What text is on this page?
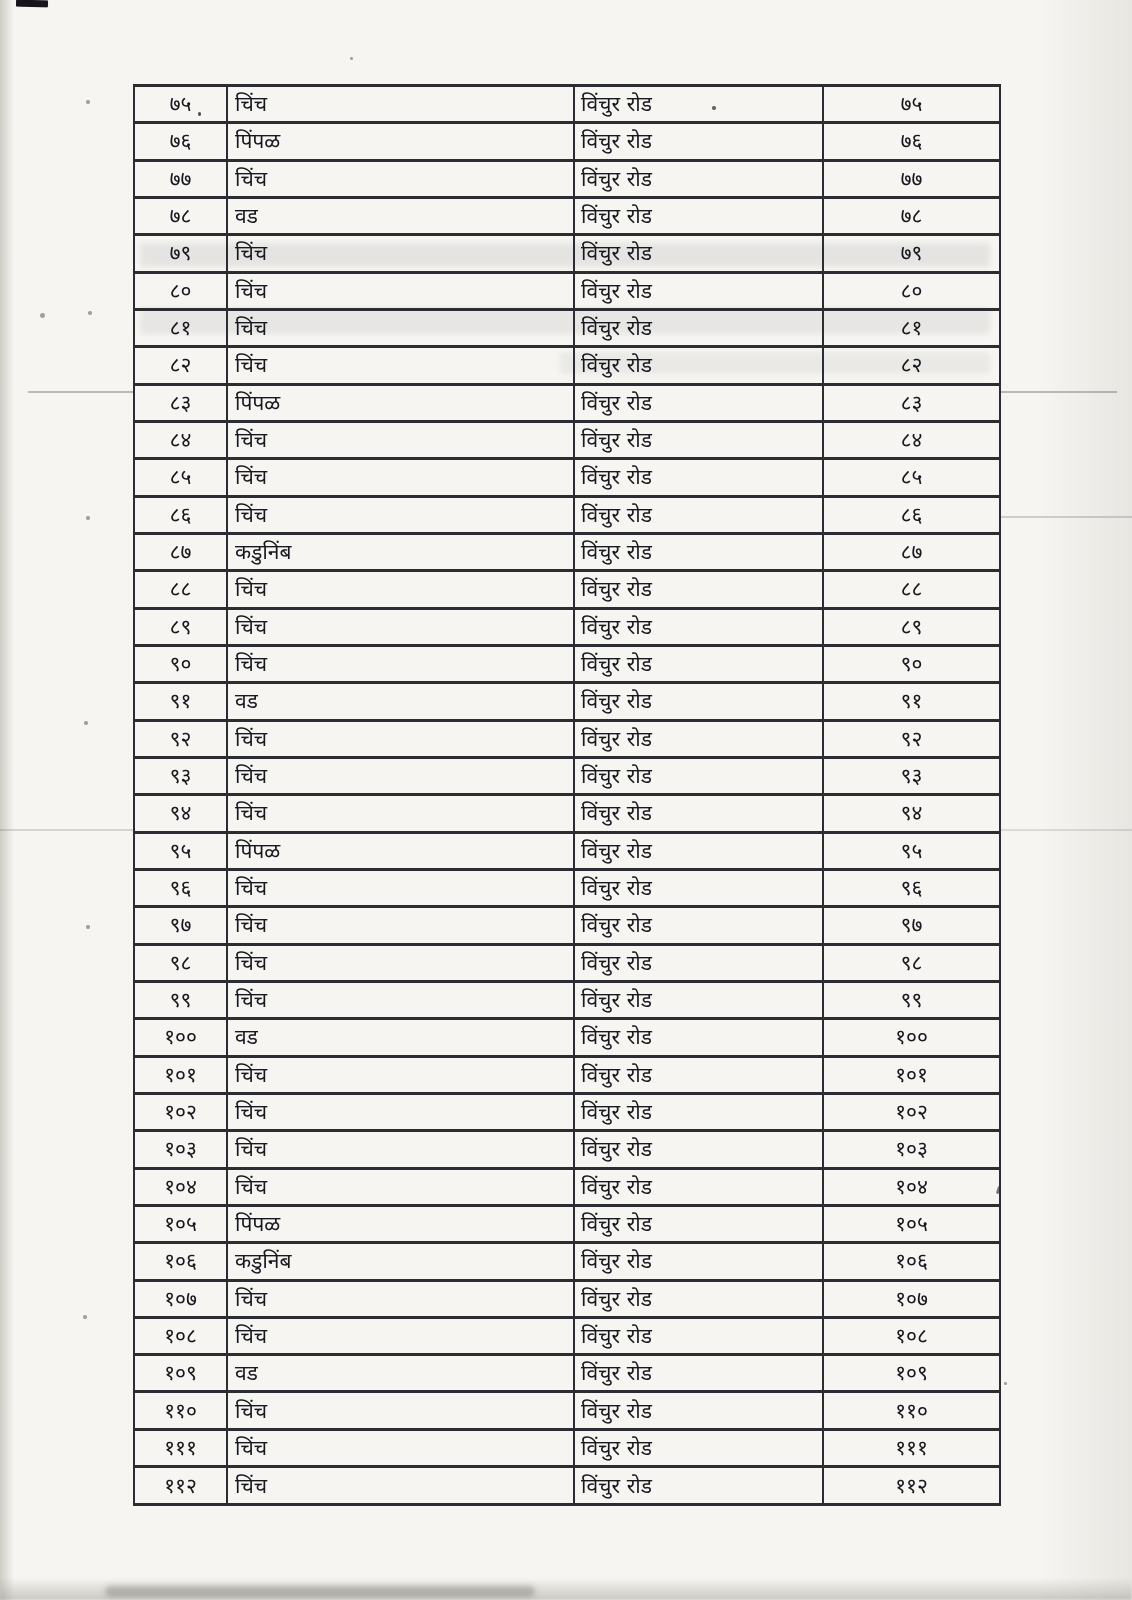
७५	चिंच	विंचुर रोड	७५
७६	पिंपळ	विंचुर रोड	७६
७७	चिंच	विंचुर रोड	७७
७८	वड	विंचुर रोड	७८
७९	चिंच	विंचुर रोड	७९
८०	चिंच	विंचुर रोड	८०
८१	चिंच	विंचुर रोड	८१
८२	चिंच	विंचुर रोड	८२
८३	पिंपळ	विंचुर रोड	८३
८४	चिंच	विंचुर रोड	८४
८५	चिंच	विंचुर रोड	८५
८६	चिंच	विंचुर रोड	८६
८७	कडुनिंब	विंचुर रोड	८७
८८	चिंच	विंचुर रोड	८८
८९	चिंच	विंचुर रोड	८९
९०	चिंच	विंचुर रोड	९०
९१	वड	विंचुर रोड	९१
९२	चिंच	विंचुर रोड	९२
९३	चिंच	विंचुर रोड	९३
९४	चिंच	विंचुर रोड	९४
९५	पिंपळ	विंचुर रोड	९५
९६	चिंच	विंचुर रोड	९६
९७	चिंच	विंचुर रोड	९७
९८	चिंच	विंचुर रोड	९८
९९	चिंच	विंचुर रोड	९९
१००	वड	विंचुर रोड	१००
१०१	चिंच	विंचुर रोड	१०१
१०२	चिंच	विंचुर रोड	१०२
१०३	चिंच	विंचुर रोड	१०३
१०४	चिंच	विंचुर रोड	१०४
१०५	पिंपळ	विंचुर रोड	१०५
१०६	कडुनिंब	विंचुर रोड	१०६
१०७	चिंच	विंचुर रोड	१०७
१०८	चिंच	विंचुर रोड	१०८
१०९	वड	विंचुर रोड	१०९
११०	चिंच	विंचुर रोड	११०
१११	चिंच	विंचुर रोड	१११
११२	चिंच	विंचुर रोड	११२
